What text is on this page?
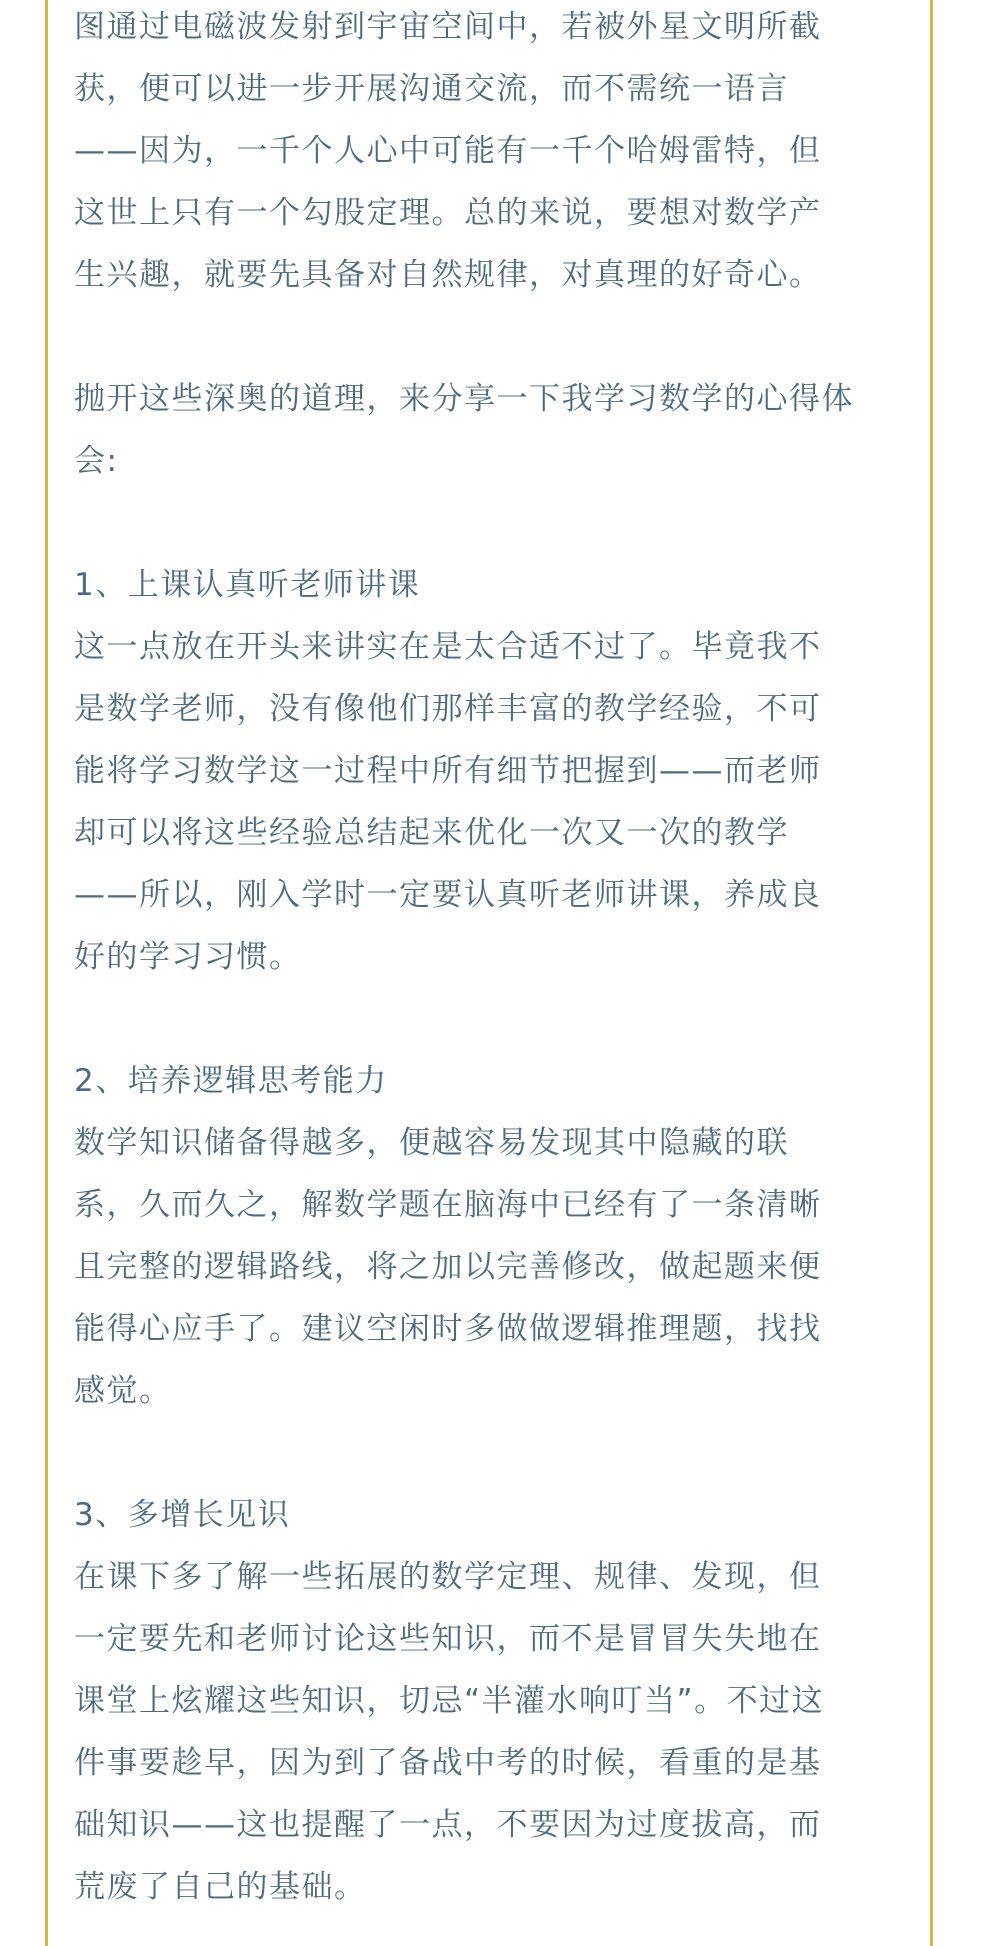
图通过电磁波发射到宇宙空间中，若被外星文明所截
获，便可以进一步开展沟通交流，而不需统一语言
——因为，一千个人心中可能有一千个哈姆雷特，但
这世上只有一个勾股定理。总的来说，要想对数学产
生兴趣，就要先具备对自然规律，对真理的好奇心。
抛开这些深奥的道理，来分享一下我学习数学的心得体
会:
1、上课认真听老师讲课
这一点放在开头来讲实在是太合适不过了。毕竟我不
是数学老师，没有像他们那样丰富的教学经验，不可
能将学习数学这一过程中所有细节把握到——而老师
却可以将这些经验总结起来优化一次又一次的教学
——所以，刚入学时一定要认真听老师讲课，养成良
好的学习习惯。
2、培养逻辑思考能力
数学知识储备得越多，便越容易发现其中隐藏的联
系，久而久之，解数学题在脑海中已经有了一条清晰
且完整的逻辑路线，将之加以完善修改，做起题来便
能得心应手了。建议空闲时多做做逻辑推理题，找找
感觉。
3、多增长见识
在课下多了解一些拓展的数学定理、规律、发现，但
一定要先和老师讨论这些知识，而不是冒冒失失地在
课堂上炫耀这些知识，切忌“半灌水响叮当”。不过这
件事要趁早，因为到了备战中考的时候，看重的是基
础知识——这也提醒了一点，不要因为过度拔高，而
荒废了自己的基础。
